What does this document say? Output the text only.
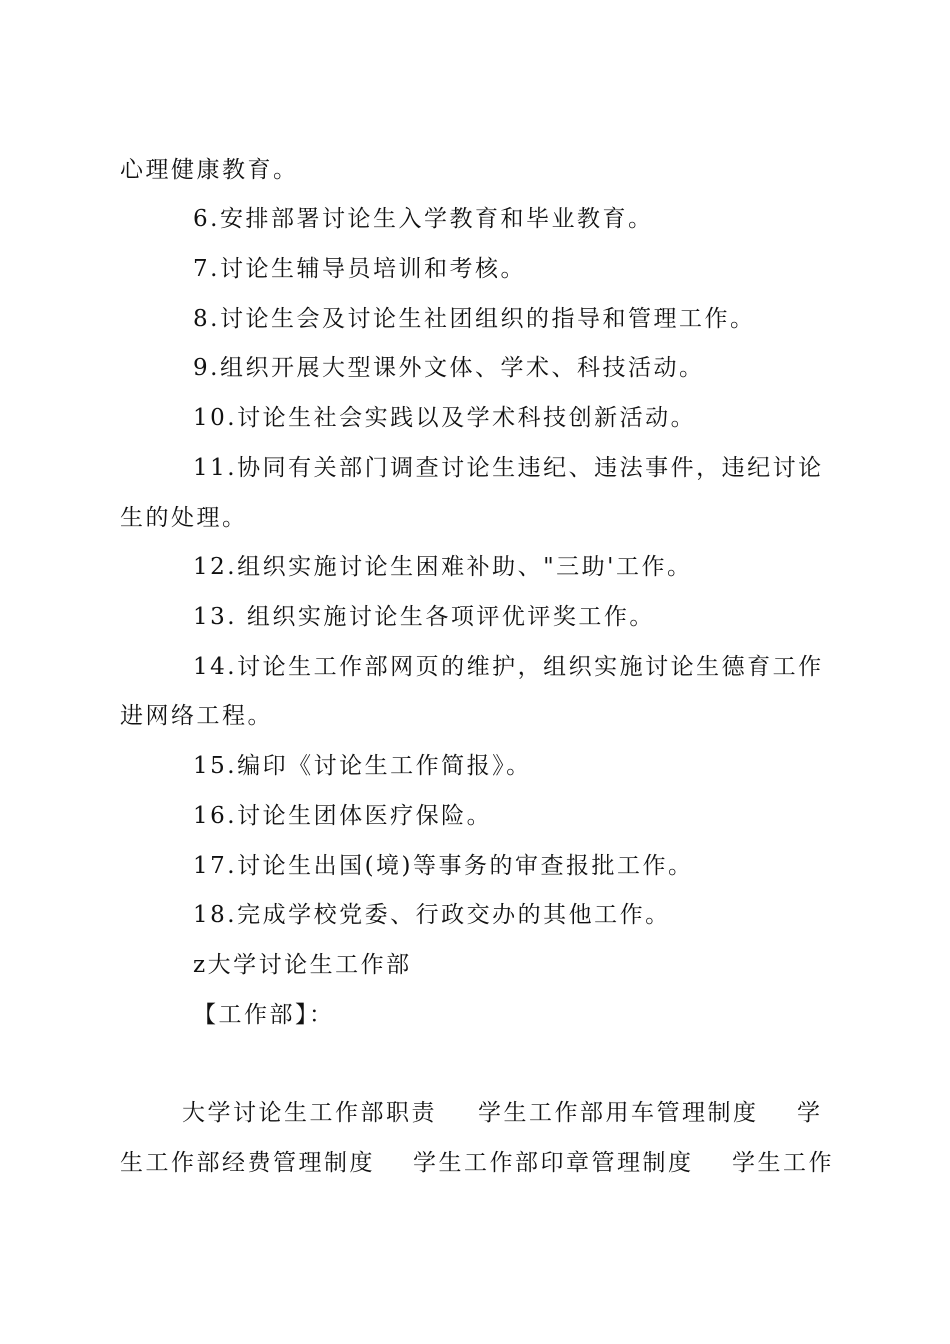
心理健康教育。
6.安排部署讨论生入学教育和毕业教育。
7.讨论生辅导员培训和考核。
8.讨论生会及讨论生社团组织的指导和管理工作。
9.组织开展大型课外文体、学术、科技活动。
10.讨论生社会实践以及学术科技创新活动。
11.协同有关部门调查讨论生违纪、违法事件，违纪讨论
生的处理。
12.组织实施讨论生困难补助、"三助'工作。
13. 组织实施讨论生各项评优评奖工作。
14.讨论生工作部网页的维护，组织实施讨论生德育工作
进网络工程。
15.编印《讨论生工作简报》。
16.讨论生团体医疗保险。
17.讨论生出国(境)等事务的审查报批工作。
18.完成学校党委、行政交办的其他工作。
z大学讨论生工作部
【工作部】：
大学讨论生工作部职责 学生工作部用车管理制度 学
生工作部经费管理制度 学生工作部印章管理制度 学生工作
